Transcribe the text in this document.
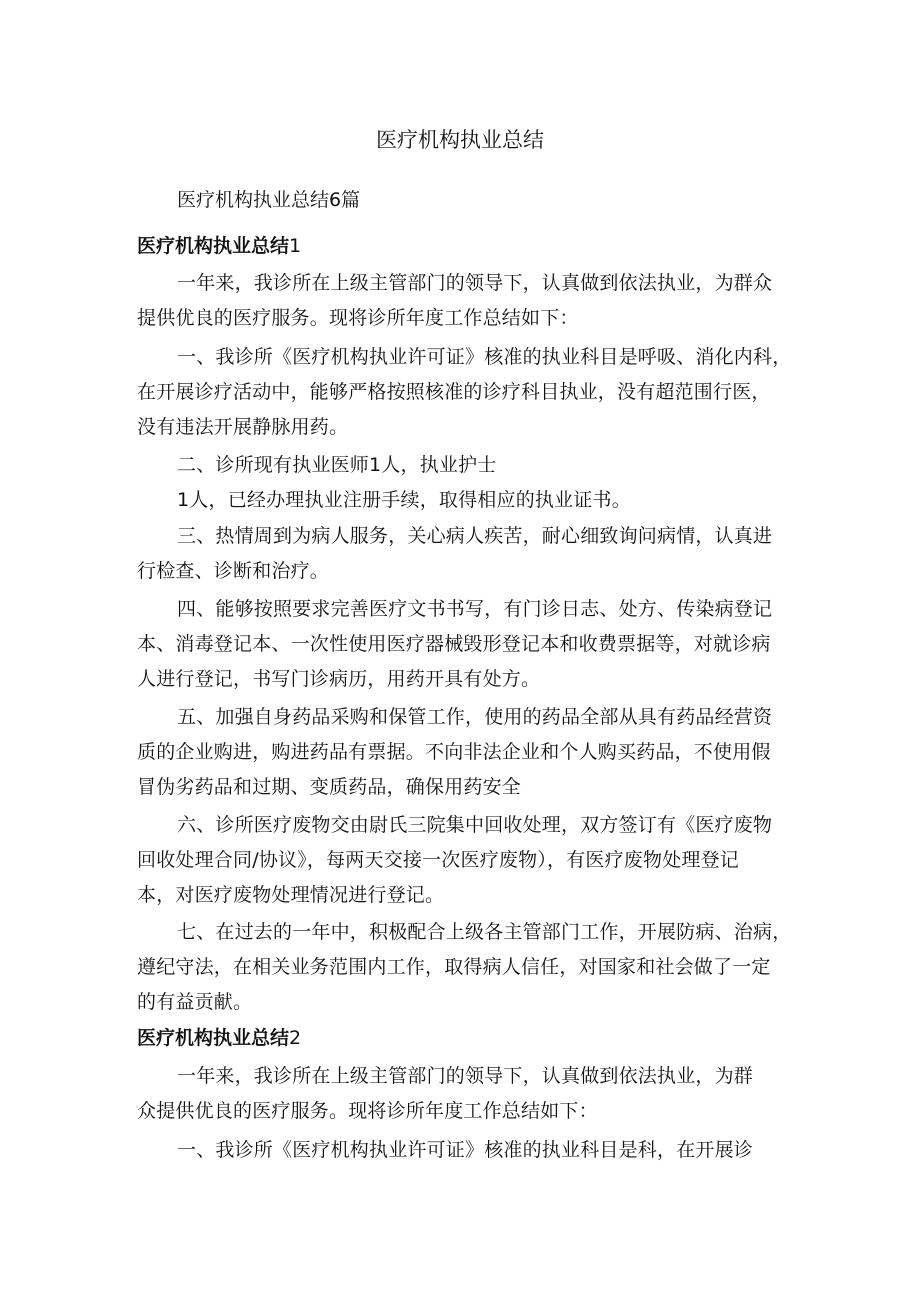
医疗机构执业总结

医疗机构执业总结6篇

医疗机构执业总结1

一年来，我诊所在上级主管部门的领导下，认真做到依法执业，为群众
提供优良的医疗服务。现将诊所年度工作总结如下：
一、我诊所《医疗机构执业许可证》核准的执业科目是呼吸、消化内科，
在开展诊疗活动中，能够严格按照核准的诊疗科目执业，没有超范围行医，
没有违法开展静脉用药。
二、诊所现有执业医师1人，执业护士
1人，已经办理执业注册手续，取得相应的执业证书。
三、热情周到为病人服务，关心病人疾苦，耐心细致询问病情，认真进
行检查、诊断和治疗。
四、能够按照要求完善医疗文书书写，有门诊日志、处方、传染病登记
本、消毒登记本、一次性使用医疗器械毁形登记本和收费票据等，对就诊病
人进行登记，书写门诊病历，用药开具有处方。
五、加强自身药品采购和保管工作，使用的药品全部从具有药品经营资
质的企业购进，购进药品有票据。不向非法企业和个人购买药品，不使用假
冒伪劣药品和过期、变质药品，确保用药安全
六、诊所医疗废物交由尉氏三院集中回收处理，双方签订有《医疗废物
回收处理合同/协议》，每两天交接一次医疗废物），有医疗废物处理登记
本，对医疗废物处理情况进行登记。
七、在过去的一年中，积极配合上级各主管部门工作，开展防病、治病，
遵纪守法，在相关业务范围内工作，取得病人信任，对国家和社会做了一定
的有益贡献。

医疗机构执业总结2

一年来，我诊所在上级主管部门的领导下，认真做到依法执业，为群
众提供优良的医疗服务。现将诊所年度工作总结如下：
一、我诊所《医疗机构执业许可证》核准的执业科目是科，在开展诊
